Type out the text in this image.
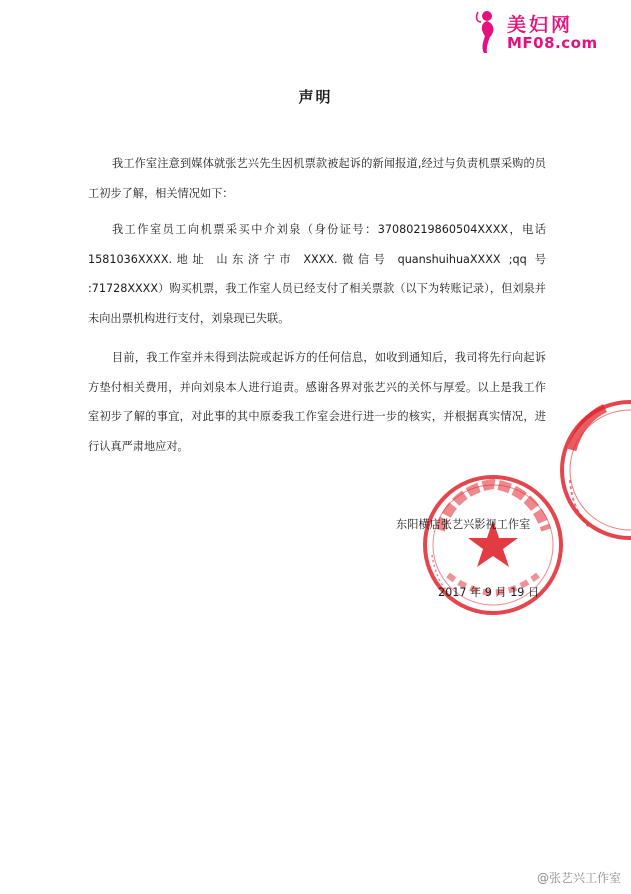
美妇网
MF08.com
声明
我工作室注意到媒体就张艺兴先生因机票款被起诉的新闻报道,经过与负责机票采购的员工初步了解，相关情况如下：
我工作室员工向机票采买中介刘泉（身份证号：37080219860504XXXX，电话1581036XXXX.地址 山东济宁市 XXXX.微信号 quanshuihuaXXXX ;qq 号 :71728XXXX）购买机票，我工作室人员已经支付了相关票款（以下为转账记录），但刘泉并未向出票机构进行支付，刘泉现已失联。
目前，我工作室并未得到法院或起诉方的任何信息，如收到通知后，我司将先行向起诉方垫付相关费用，并向刘泉本人进行追责。感谢各界对张艺兴的关怀与厚爱。以上是我工作室初步了解的事宜，对此事的其中原委我工作室会进行进一步的核实，并根据真实情况，进行认真严肃地应对。
东阳横店张艺兴影视工作室
2017 年 9 月 19 日
@张艺兴工作室
